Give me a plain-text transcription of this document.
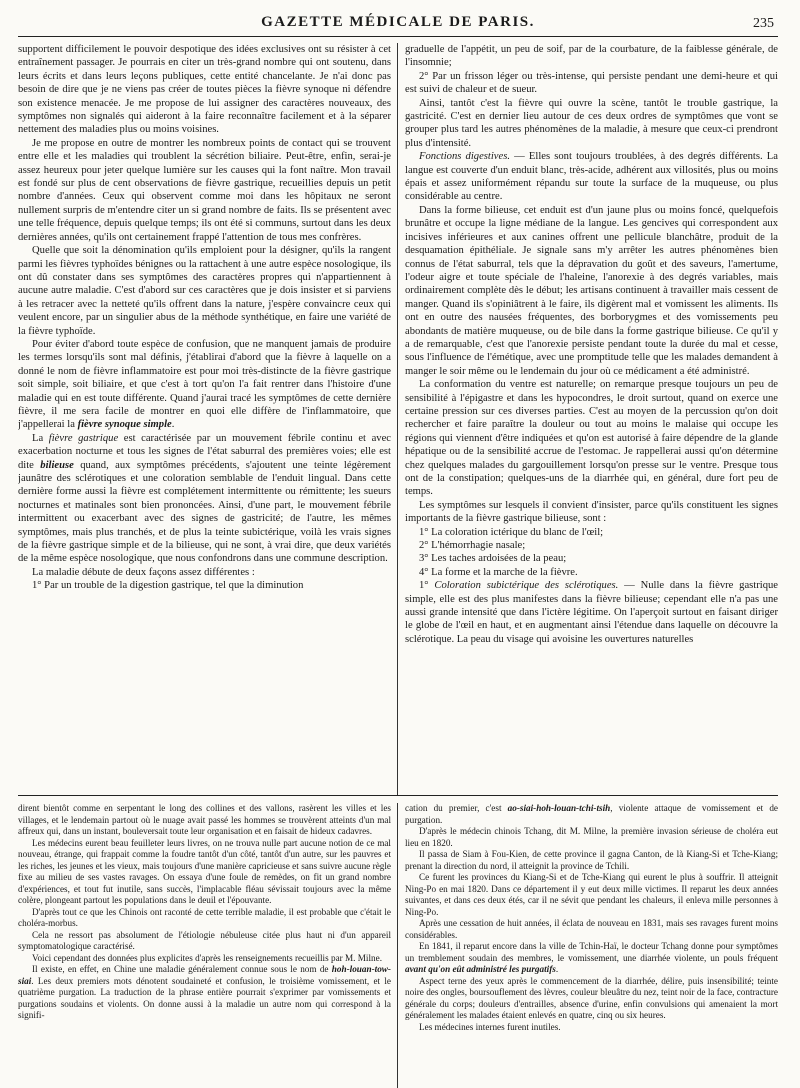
GAZETTE MÉDICALE DE PARIS.	235

supportent difficilement le pouvoir despotique des idées exclusives ont su résister à cet entraînement passager. Je pourrais en citer un très-grand nombre qui ont soutenu, dans leurs écrits et dans leurs leçons publiques, cette entité chancelante. Je n'ai donc pas besoin de dire que je ne viens pas créer de toutes pièces la fièvre synoque ni défendre son existence menacée. Je me propose de lui assigner des caractères nouveaux, des symptômes non signalés qui aideront à la faire reconnaître facilement et à la séparer nettement des maladies plus ou moins voisines.

Je me propose en outre de montrer les nombreux points de contact qui se trouvent entre elle et les maladies qui troublent la sécrétion biliaire. Peut-être, enfin, serai-je assez heureux pour jeter quelque lumière sur les causes qui la font naître. Mon travail est fondé sur plus de cent observations de fièvre gastrique, recueillies depuis un petit nombre d'années. Ceux qui observent comme moi dans les hôpitaux ne seront nullement surpris de m'entendre citer un si grand nombre de faits. Ils se présentent avec une telle fréquence, depuis quelque temps; ils ont été si communs, surtout dans les deux dernières années, qu'ils ont certainement frappé l'attention de tous mes confrères.

Quelle que soit la dénomination qu'ils emploient pour la désigner, qu'ils la rangent parmi les fièvres typhoïdes bénignes ou la rattachent à une autre espèce nosologique, ils ont dû constater dans ses symptômes des caractères propres qui n'appartiennent à aucune autre maladie. C'est d'abord sur ces caractères que je dois insister et si parviens à les retracer avec la netteté qu'ils offrent dans la nature, j'espère convaincre ceux qui veulent encore, par un singulier abus de la méthode synthétique, en faire une variété de la fièvre typhoïde.

Pour éviter d'abord toute espèce de confusion, que ne manquent jamais de produire les termes lorsqu'ils sont mal définis, j'établirai d'abord que la fièvre à laquelle on a donné le nom de fièvre inflammatoire est pour moi très-distincte de la fièvre gastrique soit simple, soit biliaire, et que c'est à tort qu'on l'a fait rentrer dans l'histoire d'une maladie qui en est toute différente. Quand j'aurai tracé les symptômes de cette dernière fièvre, il me sera facile de montrer en quoi elle diffère de l'inflammatoire, que j'appellerai la fièvre synoque simple.

La fièvre gastrique est caractérisée par un mouvement fébrile continu et avec exacerbation nocturne et tous les signes de l'état saburral des premières voies; elle est dite bilieuse quand, aux symptômes précédents, s'ajoutent une teinte légèrement jaunâtre des sclérotiques et une coloration semblable de l'enduit lingual. Dans cette dernière forme aussi la fièvre est complétement intermittente ou rémittente; les sueurs nocturnes et matinales sont bien prononcées. Ainsi, d'une part, le mouvement fébrile intermittent ou exacerbant avec des signes de gastricité; de l'autre, les mêmes symptômes, mais plus tranchés, et de plus la teinte subictérique, voilà les vrais signes de la fièvre gastrique simple et de la bilieuse, qui ne sont, à vrai dire, que deux variétés de la même espèce nosologique, que nous confondrons dans une commune description.

La maladie débute de deux façons assez différentes :

1° Par un trouble de la digestion gastrique, tel que la diminution

graduelle de l'appétit, un peu de soif, par de la courbature, de la faiblesse générale, de l'insomnie;

2° Par un frisson léger ou très-intense, qui persiste pendant une demi-heure et qui est suivi de chaleur et de sueur.

Ainsi, tantôt c'est la fièvre qui ouvre la scène, tantôt le trouble gastrique, la gastricité. C'est en dernier lieu autour de ces deux ordres de symptômes que vont se grouper plus tard les autres phénomènes de la maladie, à mesure que ceux-ci prendront plus d'intensité.

Fonctions digestives. — Elles sont toujours troublées, à des degrés différents. La langue est couverte d'un enduit blanc, très-acide, adhérent aux villosités, plus ou moins épais et assez uniformément répandu sur toute la surface de la muqueuse, ou plus considérable au centre.

Dans la forme bilieuse, cet enduit est d'un jaune plus ou moins foncé, quelquefois brunâtre et occupe la ligne médiane de la langue. Les gencives qui correspondent aux incisives inférieures et aux canines offrent une pellicule blanchâtre, produit de la desquamation épithéliale. Je signale sans m'y arrêter les autres phénomènes bien connus de l'état saburral, tels que la dépravation du goût et des saveurs, l'amertume, l'odeur aigre et toute spéciale de l'haleine, l'anorexie à des degrés variables, mais ordinairement complète dès le début; les artisans continuent à travailler mais cessent de manger. Quand ils s'opiniâtrent à le faire, ils digèrent mal et vomissent les aliments. Ils ont en outre des nausées fréquentes, des borborygmes et des vomissements peu abondants de matière muqueuse, ou de bile dans la forme gastrique bilieuse. Ce qu'il y a de remarquable, c'est que l'anorexie persiste pendant toute la durée du mal et cesse, sous l'influence de l'émétique, avec une promptitude telle que les malades demandent à manger le soir même ou le lendemain du jour où ce médicament a été administré.

La conformation du ventre est naturelle; on remarque presque toujours un peu de sensibilité à l'épigastre et dans les hypocondres, le droit surtout, quand on exerce une certaine pression sur ces diverses parties. C'est au moyen de la percussion qu'on doit rechercher et faire paraître la douleur ou tout au moins le malaise qui occupe les régions qui viennent d'être indiquées et qu'on est autorisé à faire dépendre de la glande hépatique ou de la sensibilité accrue de l'estomac. Je rappellerai aussi qu'on détermine chez quelques malades du gargouillement lorsqu'on presse sur le ventre. Presque tous ont de la constipation; quelques-uns de la diarrhée qui, en général, dure fort peu de temps.

Les symptômes sur lesquels il convient d'insister, parce qu'ils constituent les signes importants de la fièvre gastrique bilieuse, sont :

1° La coloration ictérique du blanc de l'œil;

2° L'hémorrhagie nasale;

3° Les taches ardoisées de la peau;

4° La forme et la marche de la fièvre.

1° Coloration subictérique des sclérotiques. — Nulle dans la fièvre gastrique simple, elle est des plus manifestes dans la fièvre bilieuse; cependant elle n'a pas une aussi grande intensité que dans l'ictère légitime. On l'aperçoit surtout en faisant diriger le globe de l'œil en haut, et en augmentant ainsi l'étendue dans laquelle on découvre la sclérotique. La peau du visage qui avoisine les ouvertures naturelles

dirent bientôt comme en serpentant le long des collines et des vallons, rasèrent les villes et les villages, et le lendemain partout où le nuage avait passé les hommes se trouvèrent atteints d'un mal affreux qui, dans un instant, bouleversait toute leur organisation et en faisait de hideux cadavres.

Les médecins eurent beau feuilleter leurs livres, on ne trouva nulle part aucune notion de ce mal nouveau, étrange, qui frappait comme la foudre tantôt d'un côté, tantôt d'un autre, sur les pauvres et les riches, les jeunes et les vieux, mais toujours d'une manière capricieuse et sans suivre aucune règle fixe au milieu de ses vastes ravages. On essaya d'une foule de remèdes, on fit un grand nombre d'expériences, et tout fut inutile, sans succès, l'implacable fléau sévissait toujours avec la même colère, plongeant partout les populations dans le deuil et l'épouvante.

D'après tout ce que les Chinois ont raconté de cette terrible maladie, il est probable que c'était le choléra-morbus.

Cela ne ressort pas absolument de l'étiologie nébuleuse citée plus haut ni d'un appareil symptomatologique caractérisé.

Voici cependant des données plus explicites d'après les renseignements recueillis par M. Milne.

Il existe, en effet, en Chine une maladie généralement connue sous le nom de hoh-louan-tow-siai. Les deux premiers mots dénotent soudaineté et confusion, le troisième vomissement, et le quatrième purgation. La traduction de la phrase entière pourrait s'exprimer par vomissements et purgations soudains et violents. On donne aussi à la maladie un autre nom qui correspond à la signifi-

cation du premier, c'est ao-siai-hoh-louan-tchi-tsih, violente attaque de vomissement et de purgation.

D'après le médecin chinois Tchang, dit M. Milne, la première invasion sérieuse de choléra eut lieu en 1820.

Il passa de Siam à Fou-Kien, de cette province il gagna Canton, de là Kiang-Si et Tche-Kiang; prenant la direction du nord, il atteignit la province de Tchili.

Ce furent les provinces du Kiang-Si et de Tche-Kiang qui eurent le plus à souffrir. Il atteignit Ning-Po en mai 1820. Dans ce département il y eut deux mille victimes. Il reparut les deux années suivantes, et dans ces deux étés, car il ne sévit que pendant les chaleurs, il enleva mille personnes à Ning-Po.

Après une cessation de huit années, il éclata de nouveau en 1831, mais ses ravages furent moins considérables.

En 1841, il reparut encore dans la ville de Tchin-Haï, le docteur Tchang donne pour symptômes un tremblement soudain des membres, le vomissement, une diarrhée violente, un pouls fréquent avant qu'on eût administré les purgatifs.

Aspect terne des yeux après le commencement de la diarrhée, délire, puis insensibilité; teinte noire des ongles, boursouflement des lèvres, couleur bleuâtre du nez, teint noir de la face, contracture générale du corps; douleurs d'entrailles, absence d'urine, enfin convulsions qui amenaient la mort généralement les malades étaient enlevés en quatre, cinq ou six heures.

Les médecines internes furent inutiles.
